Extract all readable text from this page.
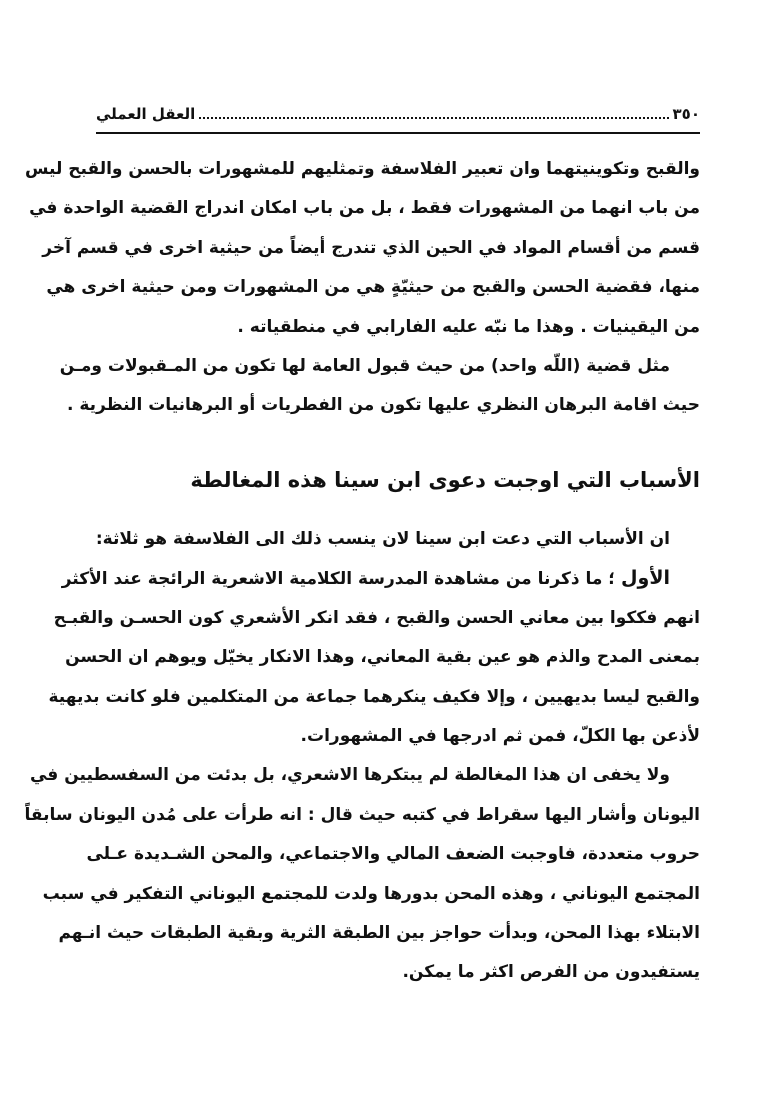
٣٥٠
العقل العملي
والقبح وتكوينيتهما وان تعبير الفلاسفة وتمثليهم للمشهورات بالحسن والقبح ليس
من باب انهما من المشهورات فقط ، بل من باب امكان اندراج القضية الواحدة في
قسم من أقسام المواد في الحين الذي تندرج أيضاً من حيثية اخرى في قسم آخر
منها، فقضية الحسن والقبح من حيثيّةٍ هي من المشهورات ومن حيثية اخرى هي
من اليقينيات . وهذا ما نبّه عليه الفارابي في منطقياته .
مثل قضية (اللّه واحد) من حيث قبول العامة لها تكون من المـقبولات ومـن
حيث اقامة البرهان النظري عليها تكون من الفطريات أو البرهانيات النظرية .
الأسباب التي اوجبت دعوى ابن سينا هذه المغالطة
ان الأسباب التي دعت ابن سينا لان ينسب ذلك الى الفلاسفة هو ثلاثة:
الأول ؛ ما ذكرنا من مشاهدة المدرسة الكلامية الاشعرية الرائجة عند الأكثر
انهم فككوا بين معاني الحسن والقبح ، فقد انكر الأشعري كون الحسـن والقبـح
بمعنى المدح والذم هو عين بقية المعاني، وهذا الانكار يخيّل ويوهم ان الحسن
والقبح ليسا بديهيين ، وإلا فكيف ينكرهما جماعة من المتكلمين فلو كانت بديهية
لأذعن بها الكلّ، فمن ثم ادرجها في المشهورات.
ولا يخفى ان هذا المغالطة لم يبتكرها الاشعري، بل بدئت من السفسطيين في
اليونان وأشار اليها سقراط في كتبه حيث قال : انه طرأت على مُدن اليونان سابقاً
حروب متعددة، فاوجبت الضعف المالي والاجتماعي، والمحن الشـديدة عـلى
المجتمع اليوناني ، وهذه المحن بدورها ولدت للمجتمع اليوناني التفكير في سبب
الابتلاء بهذا المحن، وبدأت حواجز بين الطبقة الثرية وبقية الطبقات حيث انـهم
يستفيدون من الفرص اكثر ما يمكن.
